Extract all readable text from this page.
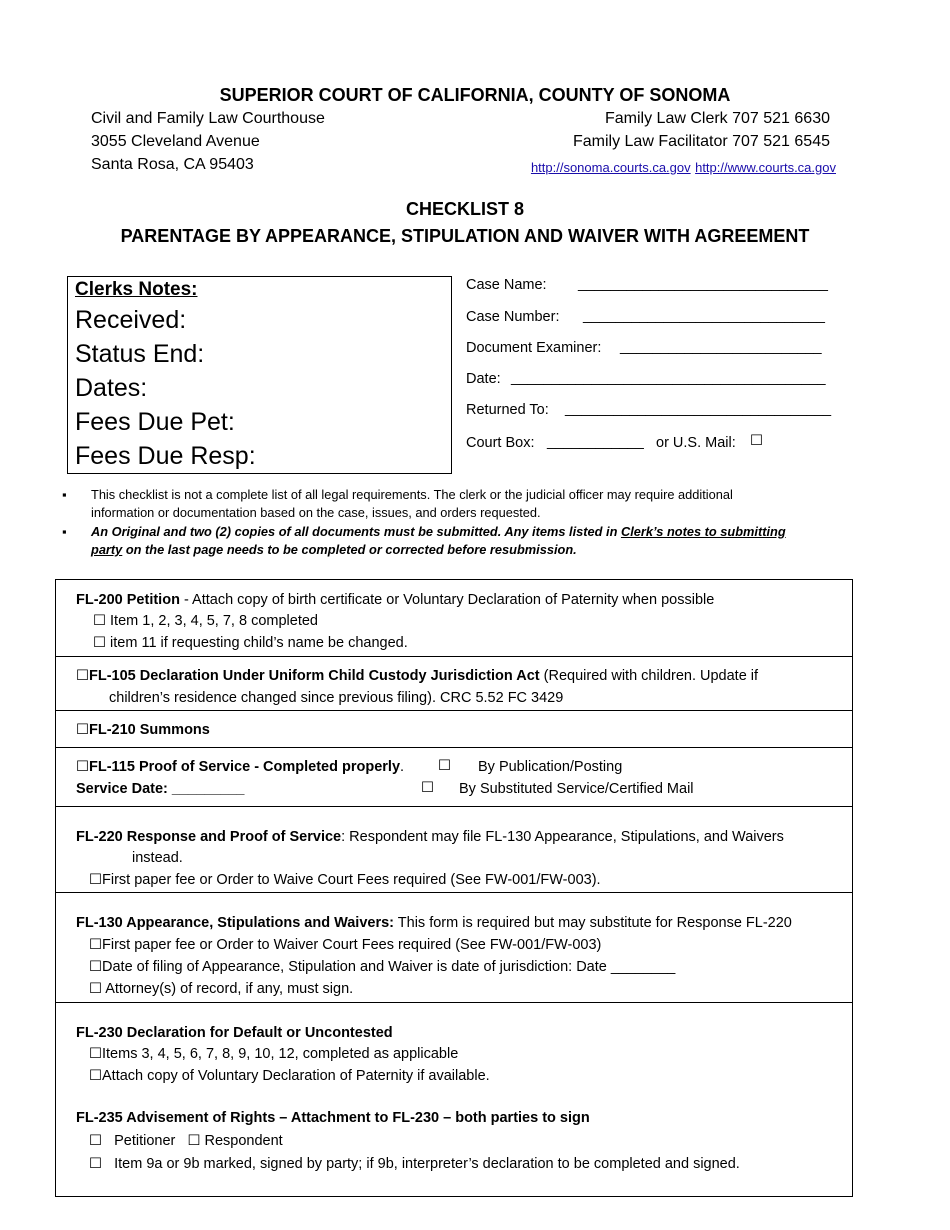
SUPERIOR COURT OF CALIFORNIA, COUNTY OF SONOMA
Civil and Family Law Courthouse
3055 Cleveland Avenue
Santa Rosa, CA 95403
Family Law Clerk 707 521 6630
Family Law Facilitator 707 521 6545
http://sonoma.courts.ca.gov http://www.courts.ca.gov
CHECKLIST 8
PARENTAGE BY APPEARANCE, STIPULATION AND WAIVER WITH AGREEMENT
Clerks Notes:
Received:
Status End:
Dates:
Fees Due Pet:
Fees Due Resp:
Case Name: _______________________________
Case Number: ______________________________
Document Examiner: _________________________
Date: _______________________________________
Returned To: _________________________________
Court Box: ____________ or U.S. Mail: ☐
▪ This checklist is not a complete list of all legal requirements. The clerk or the judicial officer may require additional
information or documentation based on the case, issues, and orders requested.
▪ An Original and two (2) copies of all documents must be submitted. Any items listed in Clerk’s notes to submitting
party on the last page needs to be completed or corrected before resubmission.
FL-200 Petition - Attach copy of birth certificate or Voluntary Declaration of Paternity when possible
☐ Item 1, 2, 3, 4, 5, 7, 8 completed
☐ item 11 if requesting child’s name be changed.
☐FL-105 Declaration Under Uniform Child Custody Jurisdiction Act (Required with children. Update if
children’s residence changed since previous filing). CRC 5.52 FC 3429
☐FL-210 Summons
☐FL-115 Proof of Service - Completed properly. ☐ By Publication/Posting
Service Date: _________	☐ By Substituted Service/Certified Mail
FL-220 Response and Proof of Service: Respondent may file FL-130 Appearance, Stipulations, and Waivers
instead.
☐First paper fee or Order to Waive Court Fees required (See FW-001/FW-003).
FL-130 Appearance, Stipulations and Waivers: This form is required but may substitute for Response FL-220
☐First paper fee or Order to Waiver Court Fees required (See FW-001/FW-003)
☐Date of filing of Appearance, Stipulation and Waiver is date of jurisdiction: Date ________
☐ Attorney(s) of record, if any, must sign.
FL-230 Declaration for Default or Uncontested
☐Items 3, 4, 5, 6, 7, 8, 9, 10, 12, completed as applicable
☐Attach copy of Voluntary Declaration of Paternity if available.
FL-235 Advisement of Rights – Attachment to FL-230 – both parties to sign
☐ Petitioner ☐ Respondent
☐ Item 9a or 9b marked, signed by party; if 9b, interpreter’s declaration to be completed and signed.
